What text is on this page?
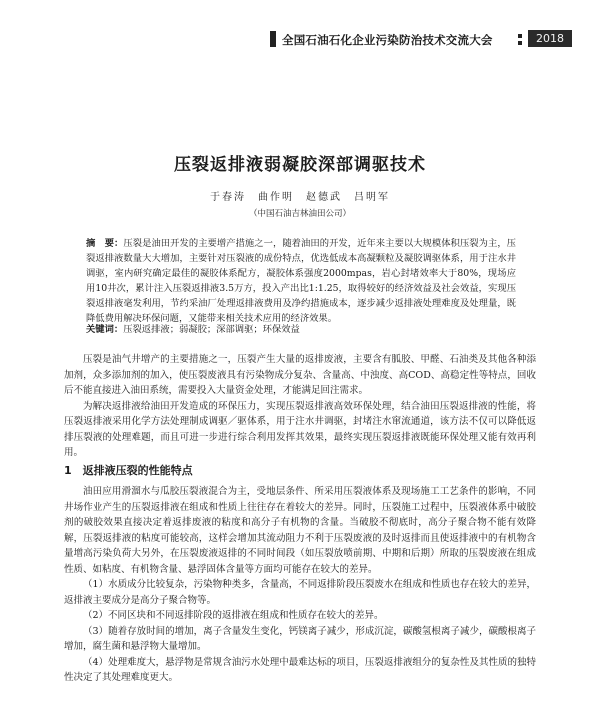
全国石油石化企业污染防治技术交流大会	2018
压裂返排液弱凝胶深部调驱技术
于春涛　曲作明　赵德武　吕明军
（中国石油吉林油田公司）
摘　要：压裂是油田开发的主要增产措施之一，随着油田的开发，近年来主要以大规模体积压裂为主，压裂返排液数量大大增加，主要针对压裂液的成份特点，优选低成本高凝颗粒及凝胶调驱体系，用于注水井调驱，室内研究确定最佳的凝胶体系配方，凝胶体系强度2000mpas，岩心封堵效率大于80%，现场应用10井次，累计注入压裂返排液3.5万方，投入产出比1:1.25，取得较好的经济效益及社会效益，实现压裂返排液毫发利用，节约采油厂处理返排液费用及净约措施成本，逐步减少返排液处理难度及处理量，既降低费用解决环保问题，又能带来相关技术应用的经济效果。
关键词：压裂返排液；弱凝胶；深部调驱；环保效益

压裂是油气井增产的主要措施之一，压裂产生大量的返排废液，主要含有胍胶、甲醛、石油类及其他各种添加剂，众多添加剂的加入，使压裂废液具有污染物成分复杂、含量高、中浊度、高COD、高稳定性等特点，回收后不能直接进入油田系统，需要投入大量资金处理，才能满足回注需求。

为解决返排液给油田开发造成的环保压力，实现压裂返排液高效环保处理，结合油田压裂返排液的性能，将压裂返排液采用化学方法处理制成调驱／驱体系，用于注水井调驱，封堵注水窜流通道，该方法不仅可以降低返排压裂液的处理难题，而且可进一步进行综合利用发挥其效果，最终实现压裂返排液既能环保处理又能有效再利用。

1　返排液压裂的性能特点

油田应用滑溜水与瓜胶压裂液混合为主，受地层条件、所采用压裂液体系及现场施工工艺条件的影响，不同井场作业产生的压裂返排液在组成和性质上往往存在着较大的差异。同时，压裂施工过程中，压裂液体系中破胶剂的破胶效果直接决定着返排废液的粘度和高分子有机物的含量。当破胶不彻底时，高分子聚合物不能有效降解，压裂返排液的粘度可能较高，这样会增加其流动阻力不利于压裂废液的及时返排而且使返排液中的有机物含量增高污染负荷大另外，在压裂废液返排的不同时间段（如压裂放喷前期、中期和后期）所取的压裂废液在组成性质、如粘度、有机物含量、悬浮固体含量等方面均可能存在较大的差异。

（1）水质成分比较复杂，污染物种类多，含量高，不同返排阶段压裂废水在组成和性质也存在较大的差异，返排液主要成分是高分子聚合物等。

（2）不同区块和不同返排阶段的返排液在组成和性质存在较大的差异。

（3）随着存放时间的增加，离子含量发生变化，钙镁离子减少，形成沉淀，碳酸氢根离子减少，碳酸根离子增加，腐生菌和悬浮物大量增加。

（4）处理难度大，悬浮物是常规含油污水处理中最难达标的项目，压裂返排液组分的复杂性及其性质的独特性决定了其处理难度更大。
